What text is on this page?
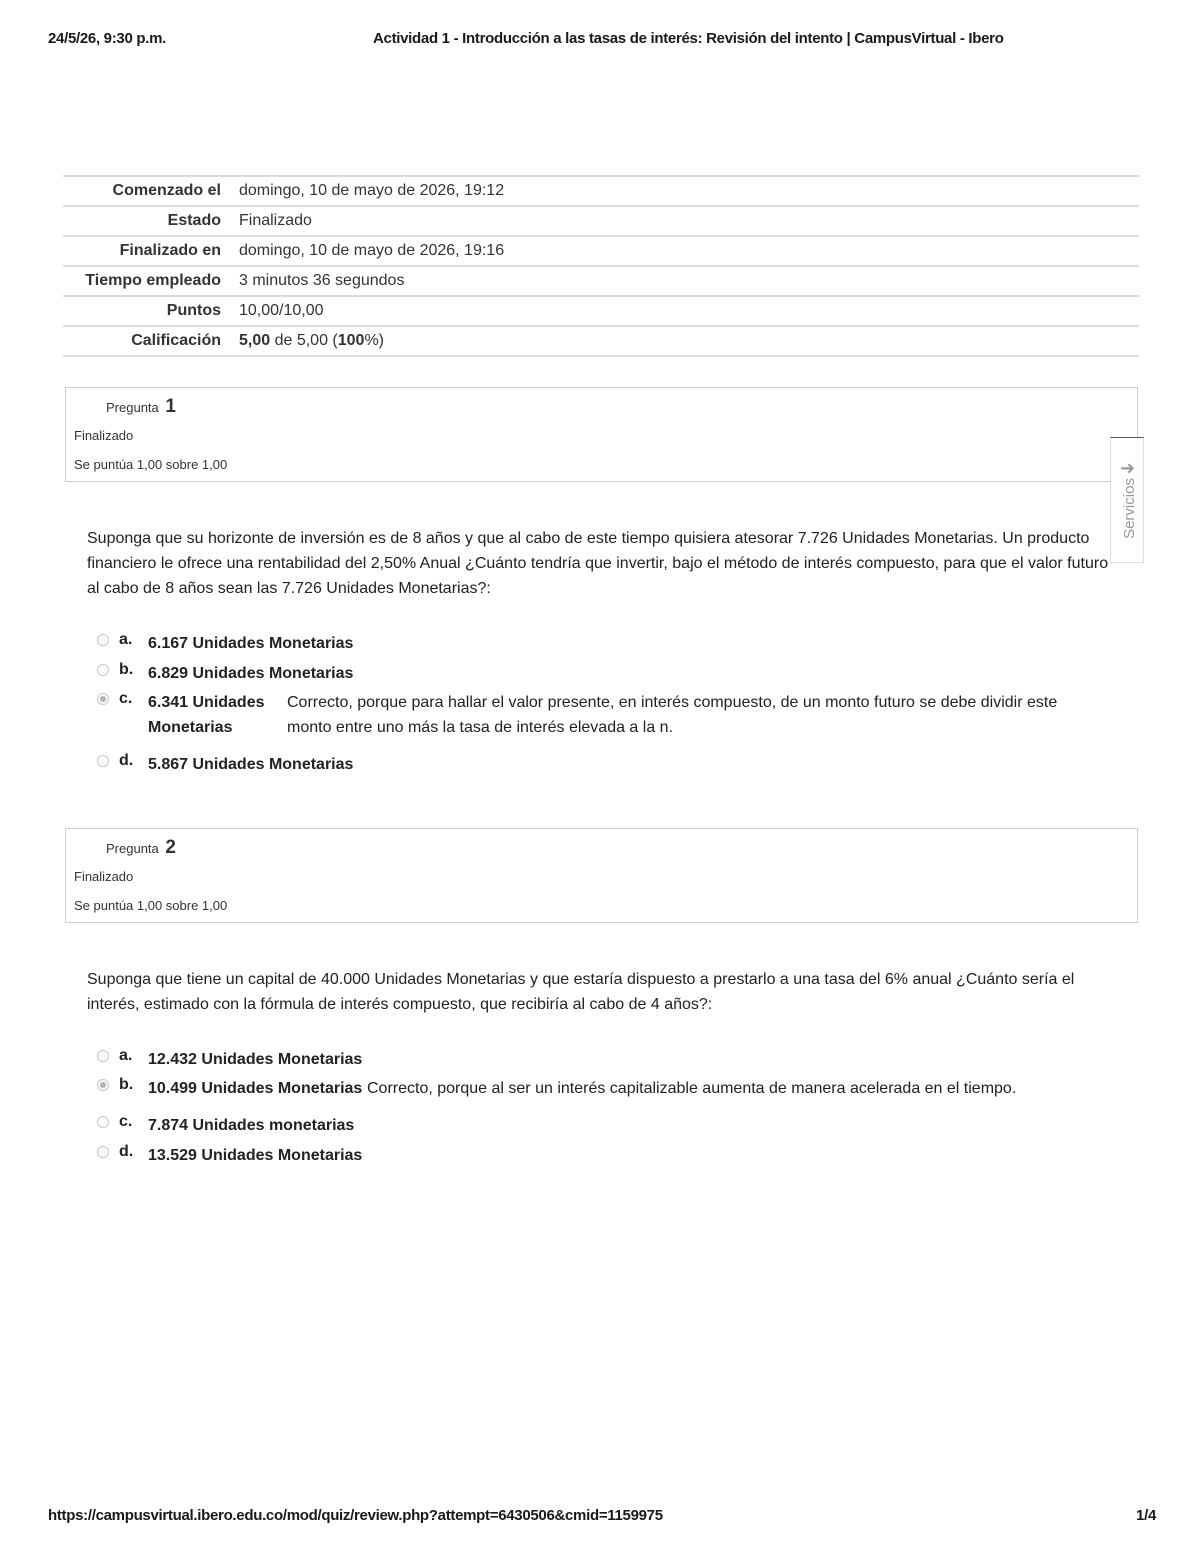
24/5/26, 9:30 p.m.	Actividad 1 - Introducción a las tasas de interés: Revisión del intento | CampusVirtual - Ibero
Comenzado el	domingo, 10 de mayo de 2026, 19:12
Estado	Finalizado
Finalizado en	domingo, 10 de mayo de 2026, 19:16
Tiempo empleado	3 minutos 36 segundos
Puntos	10,00/10,00
Calificación	5,00 de 5,00 (100%)
Pregunta 1
Finalizado
Se puntúa 1,00 sobre 1,00	➜
Servicios
Suponga que su horizonte de inversión es de 8 años y que al cabo de este tiempo quisiera atesorar 7.726 Unidades Monetarias. Un producto financiero le ofrece una rentabilidad del 2,50% Anual ¿Cuánto tendría que invertir, bajo el método de interés compuesto, para que el valor futuro al cabo de 8 años sean las 7.726 Unidades Monetarias?:
a. 6.167 Unidades Monetarias
b. 6.829 Unidades Monetarias
c. 6.341 Unidades Monetarias
Correcto, porque para hallar el valor presente, en interés compuesto, de un monto futuro se debe dividir este monto entre uno más la tasa de interés elevada a la n.
d. 5.867 Unidades Monetarias
Pregunta 2
Finalizado
Se puntúa 1,00 sobre 1,00
Suponga que tiene un capital de 40.000 Unidades Monetarias y que estaría dispuesto a prestarlo a una tasa del 6% anual ¿Cuánto sería el interés, estimado con la fórmula de interés compuesto, que recibiría al cabo de 4 años?:
a. 12.432 Unidades Monetarias
b. 10.499 Unidades Monetarias Correcto, porque al ser un interés capitalizable aumenta de manera acelerada en el tiempo.
c. 7.874 Unidades monetarias
d. 13.529 Unidades Monetarias
https://campusvirtual.ibero.edu.co/mod/quiz/review.php?attempt=6430506&cmid=1159975	1/4
